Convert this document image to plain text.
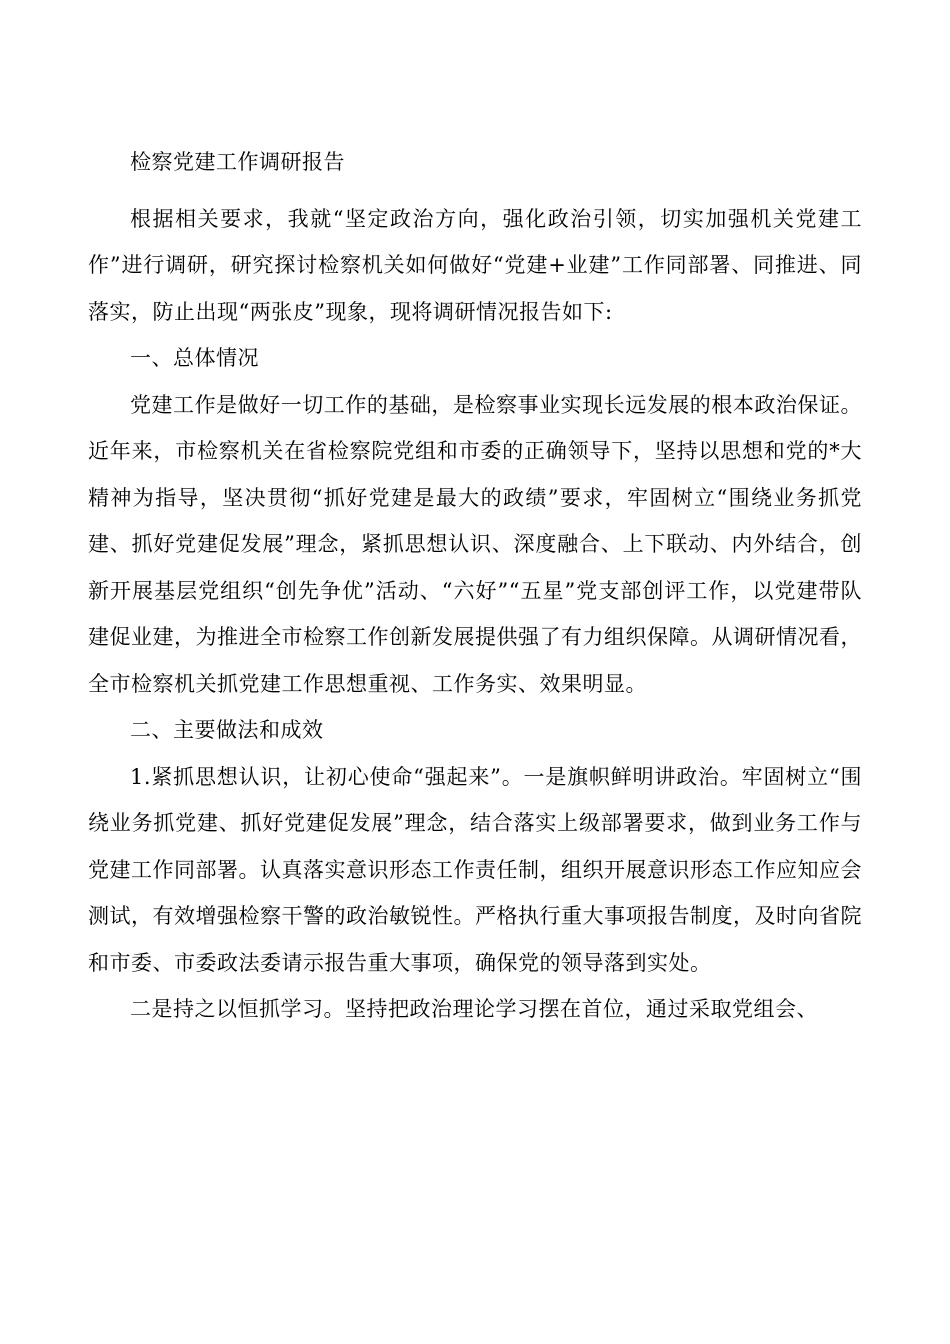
检察党建工作调研报告

根据相关要求，我就“坚定政治方向，强化政治引领，切实加强机关党建工作”进行调研，研究探讨检察机关如何做好“党建+业建”工作同部署、同推进、同落实，防止出现“两张皮”现象，现将调研情况报告如下:

一、总体情况

党建工作是做好一切工作的基础，是检察事业实现长远发展的根本政治保证。近年来，市检察机关在省检察院党组和市委的正确领导下，坚持以思想和党的*大精神为指导，坚决贯彻“抓好党建是最大的政绩”要求，牢固树立“围绕业务抓党建、抓好党建促发展”理念，紧抓思想认识、深度融合、上下联动、内外结合，创新开展基层党组织“创先争优”活动、“六好”“五星”党支部创评工作，以党建带队建促业建，为推进全市检察工作创新发展提供强了有力组织保障。从调研情况看，全市检察机关抓党建工作思想重视、工作务实、效果明显。

二、主要做法和成效

1.紧抓思想认识，让初心使命“强起来”。一是旗帜鲜明讲政治。牢固树立“围绕业务抓党建、抓好党建促发展”理念，结合落实上级部署要求，做到业务工作与党建工作同部署。认真落实意识形态工作责任制，组织开展意识形态工作应知应会测试，有效增强检察干警的政治敏锐性。严格执行重大事项报告制度，及时向省院和市委、市委政法委请示报告重大事项，确保党的领导落到实处。

二是持之以恒抓学习。坚持把政治理论学习摆在首位，通过采取党组会、
